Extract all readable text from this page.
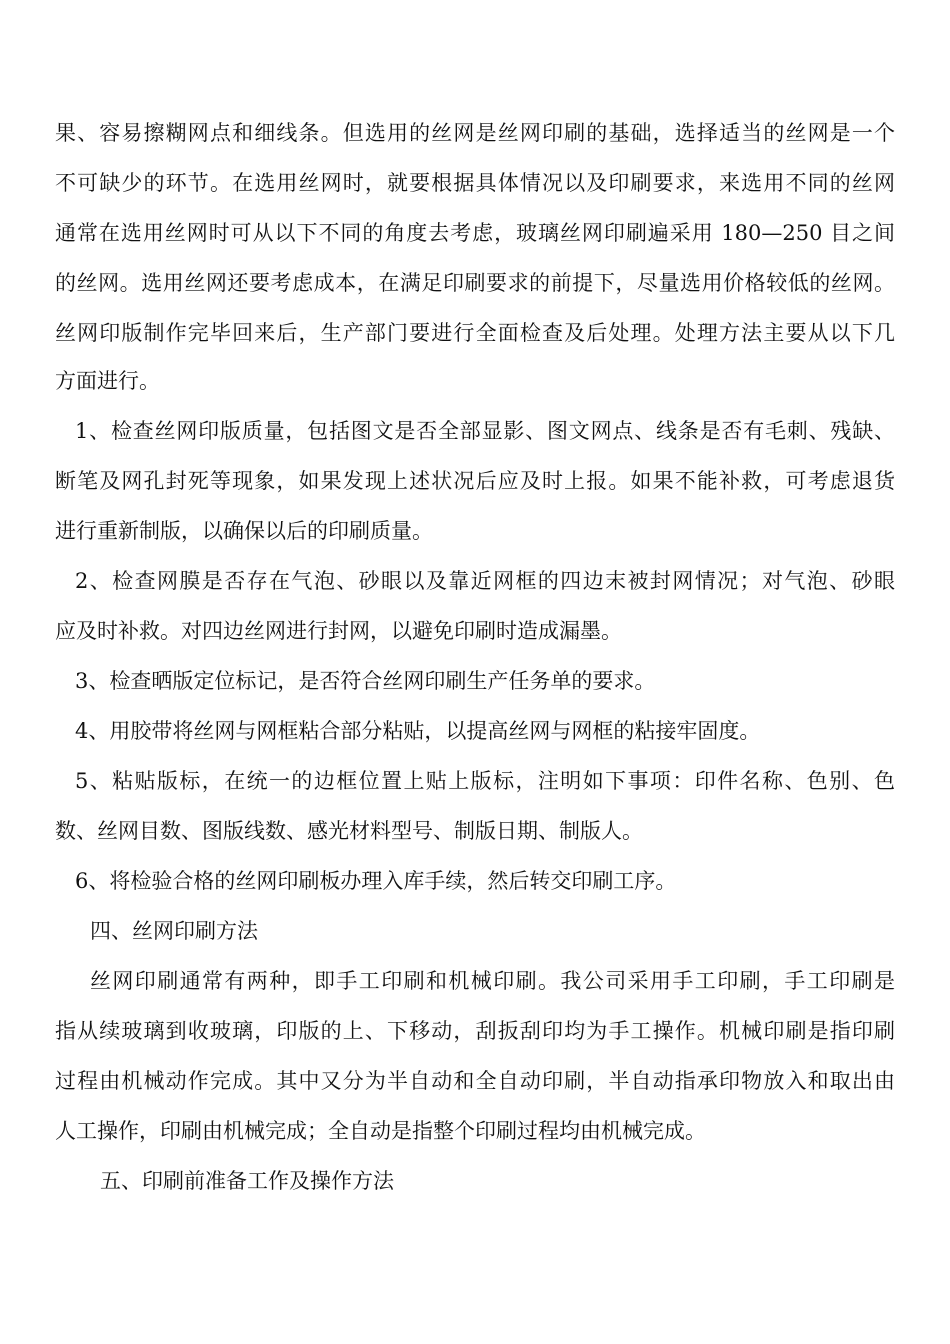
果、容易擦糊网点和细线条。但选用的丝网是丝网印刷的基础，选择适当的丝网是一个
不可缺少的环节。在选用丝网时，就要根据具体情况以及印刷要求，来选用不同的丝网
通常在选用丝网时可从以下不同的角度去考虑，玻璃丝网印刷遍采用 180—250 目之间
的丝网。选用丝网还要考虑成本，在满足印刷要求的前提下，尽量选用价格较低的丝网。
丝网印版制作完毕回来后，生产部门要进行全面检查及后处理。处理方法主要从以下几
方面进行。
1、检查丝网印版质量，包括图文是否全部显影、图文网点、线条是否有毛刺、残缺、
断笔及网孔封死等现象，如果发现上述状况后应及时上报。如果不能补救，可考虑退货
进行重新制版，以确保以后的印刷质量。
2、检查网膜是否存在气泡、砂眼以及靠近网框的四边末被封网情况；对气泡、砂眼
应及时补救。对四边丝网进行封网，以避免印刷时造成漏墨。
3、检查晒版定位标记，是否符合丝网印刷生产任务单的要求。
4、用胶带将丝网与网框粘合部分粘贴，以提高丝网与网框的粘接牢固度。
5、粘贴版标，在统一的边框位置上贴上版标，注明如下事项：印件名称、色别、色
数、丝网目数、图版线数、感光材料型号、制版日期、制版人。
6、将检验合格的丝网印刷板办理入库手续，然后转交印刷工序。
四、丝网印刷方法
丝网印刷通常有两种，即手工印刷和机械印刷。我公司采用手工印刷，手工印刷是
指从续玻璃到收玻璃，印版的上、下移动，刮扳刮印均为手工操作。机械印刷是指印刷
过程由机械动作完成。其中又分为半自动和全自动印刷，半自动指承印物放入和取出由
人工操作，印刷由机械完成；全自动是指整个印刷过程均由机械完成。
五、印刷前准备工作及操作方法
